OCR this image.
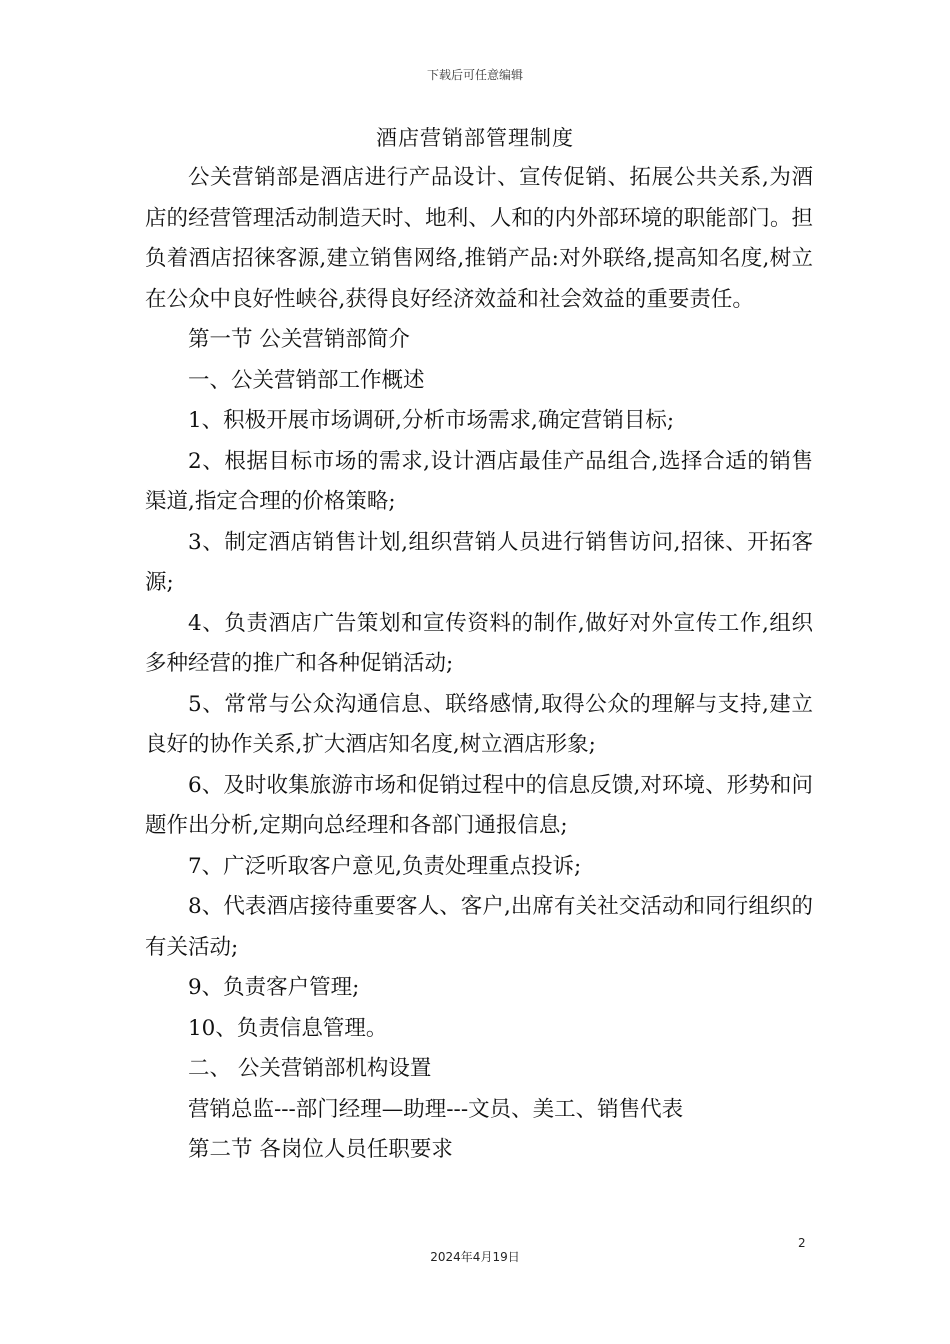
下载后可任意编辑
酒店营销部管理制度

公关营销部是酒店进行产品设计、宣传促销、拓展公共关系,为酒店的经营管理活动制造天时、地利、人和的内外部环境的职能部门。担负着酒店招徕客源,建立销售网络,推销产品:对外联络,提高知名度,树立在公众中良好性峡谷,获得良好经济效益和社会效益的重要责任。

第一节 公关营销部简介

一、公关营销部工作概述

1、积极开展市场调研,分析市场需求,确定营销目标;

2、根据目标市场的需求,设计酒店最佳产品组合,选择合适的销售渠道,指定合理的价格策略;

3、制定酒店销售计划,组织营销人员进行销售访问,招徕、开拓客源;

4、负责酒店广告策划和宣传资料的制作,做好对外宣传工作,组织多种经营的推广和各种促销活动;

5、常常与公众沟通信息、联络感情,取得公众的理解与支持,建立良好的协作关系,扩大酒店知名度,树立酒店形象;

6、及时收集旅游市场和促销过程中的信息反馈,对环境、形势和问题作出分析,定期向总经理和各部门通报信息;

7、广泛听取客户意见,负责处理重点投诉;

8、代表酒店接待重要客人、客户,出席有关社交活动和同行组织的有关活动;

9、负责客户管理;

10、负责信息管理。

二、 公关营销部机构设置

营销总监---部门经理—助理---文员、美工、销售代表

第二节 各岗位人员任职要求

2
2024年4月19日
